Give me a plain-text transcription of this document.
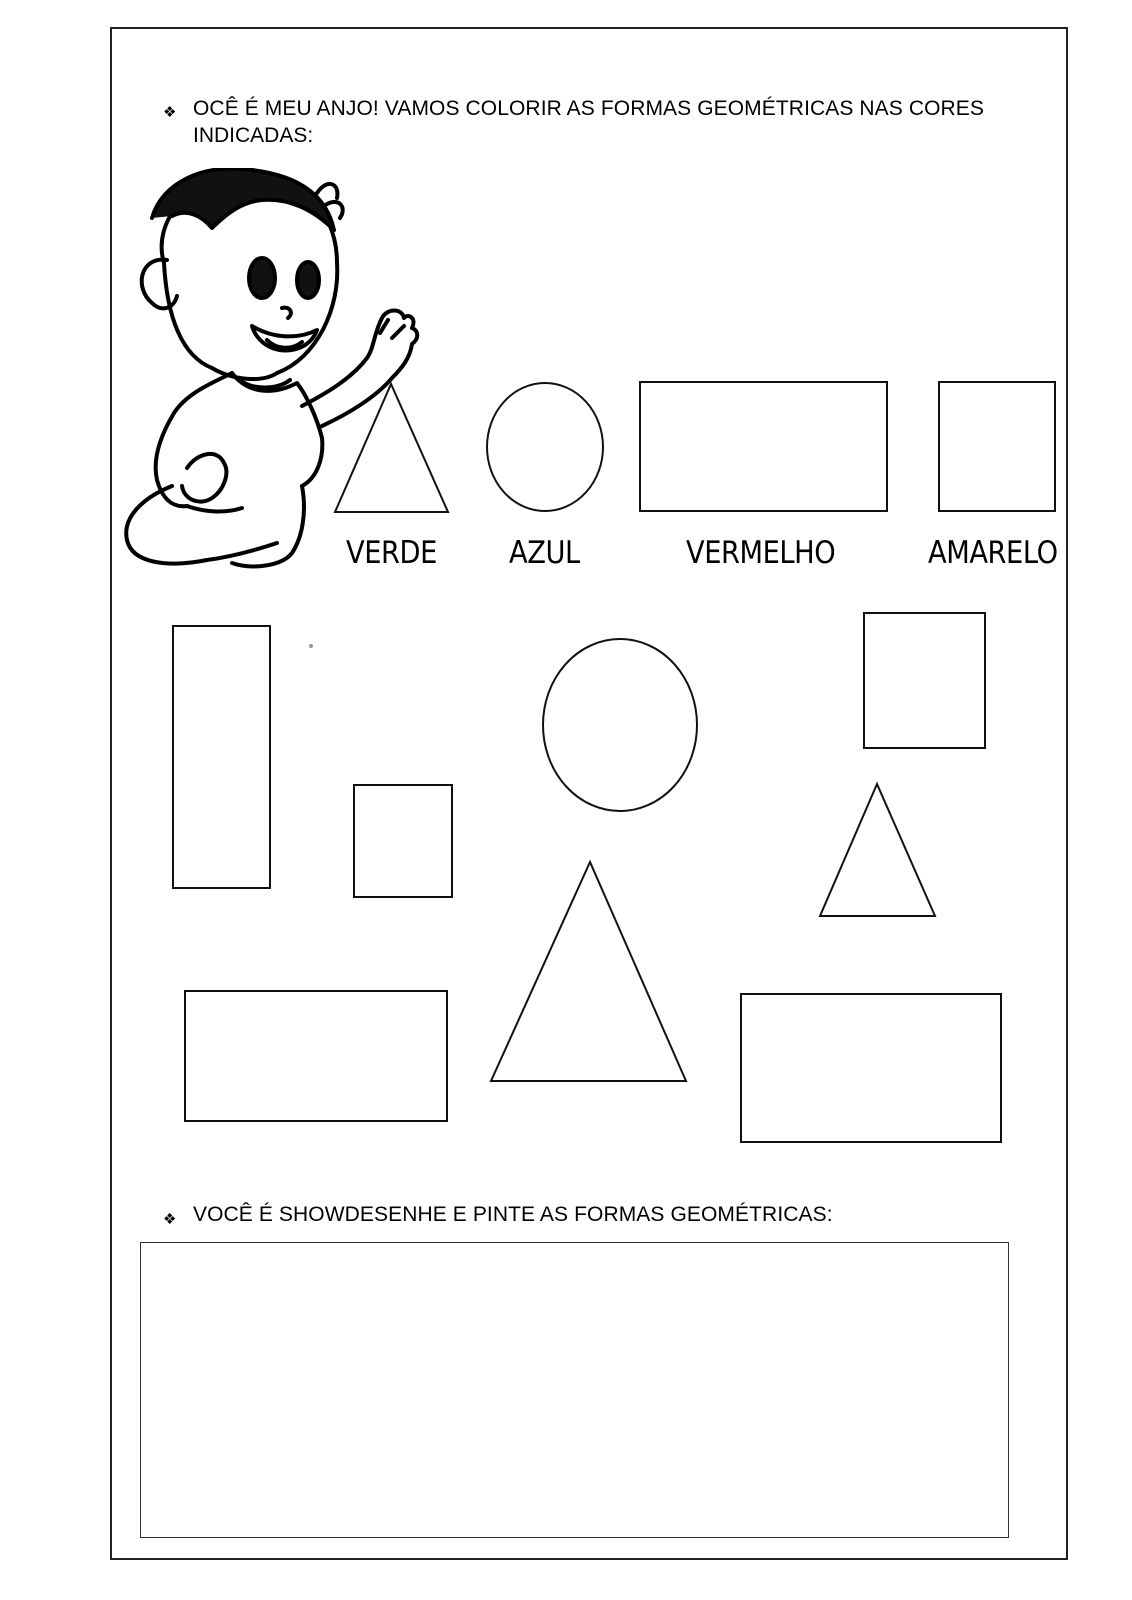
❖ OCÊ É MEU ANJO! VAMOS COLORIR AS FORMAS GEOMÉTRICAS NAS CORES
INDICADAS:
VERDE AZUL	VERMELHO	AMARELO
❖ VOCÊ É SHOWDESENHE E PINTE AS FORMAS GEOMÉTRICAS:
